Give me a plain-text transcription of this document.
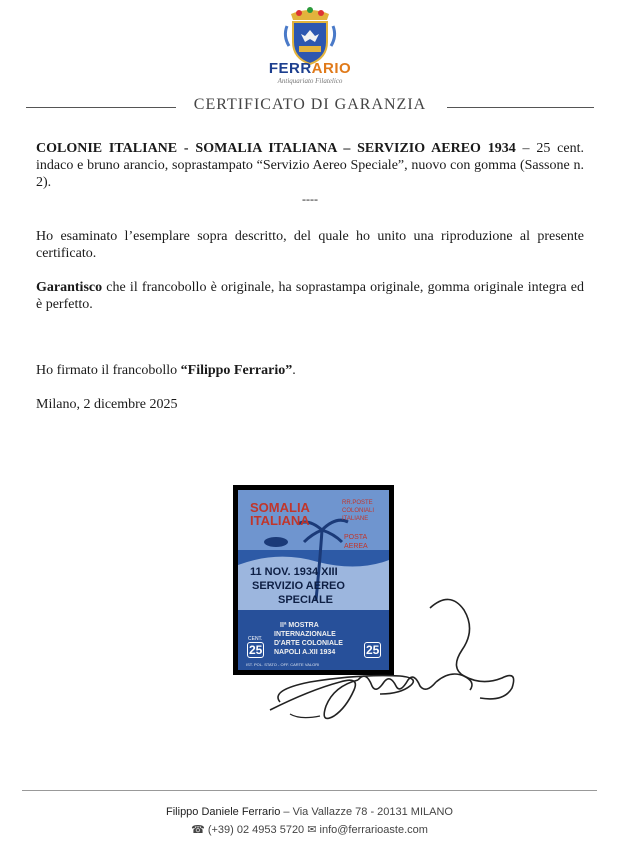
FERRARIO
Antiquariato Filatelico
CERTIFICATO DI GARANZIA
COLONIE ITALIANE - SOMALIA ITALIANA – SERVIZIO AEREO 1934 – 25 cent. indaco e bruno arancio, soprastampato “Servizio Aereo Speciale”, nuovo con gomma (Sassone n. 2).
----
Ho esaminato l’esemplare sopra descritto, del quale ho unito una riproduzione al presente certificato.
Garantisco che il francobollo è originale, ha soprastampa originale, gomma originale integra ed è perfetto.
Ho firmato il francobollo “Filippo Ferrario”.
Milano, 2 dicembre 2025
SOMALIA
ITALIANA
RR.POSTE
COLONIALI
ITALIANE
POSTA
AEREA
11 NOV. 1934 XIII
SERVIZIO AEREO
SPECIALE
IIª MOSTRA
INTERNAZIONALE
D'ARTE COLONIALE
NAPOLI A.XII 1934
CENT.
25	25
IST. POL. STATO - OFF. CARTE VALORI
Filippo Daniele Ferrario – Via Vallazze 78 - 20131 MILANO
☎ (+39) 02 4953 5720 ✉ info@ferrarioaste.com
